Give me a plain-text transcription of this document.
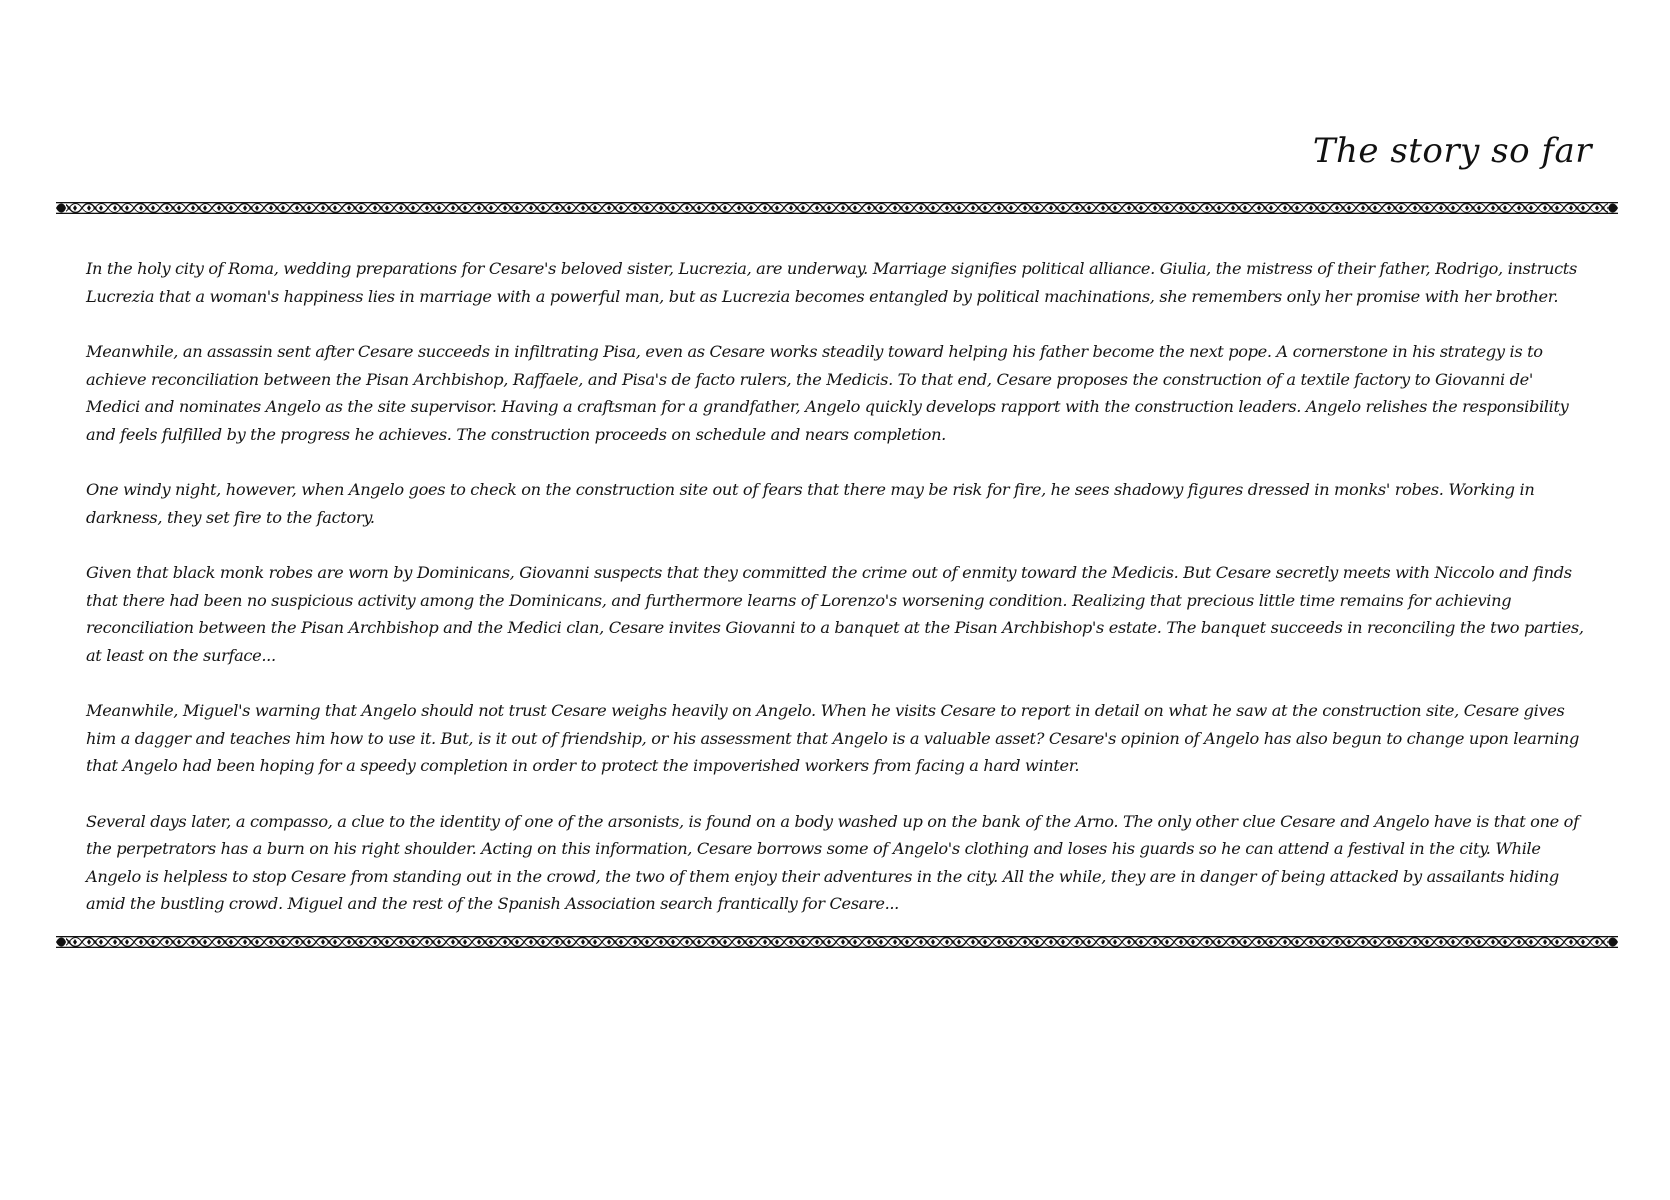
The story so far

In the holy city of Roma, wedding preparations for Cesare's beloved sister, Lucrezia, are underway. Marriage signifies political alliance. Giulia, the mistress of their father, Rodrigo, instructs Lucrezia that a woman's happiness lies in marriage with a powerful man, but as Lucrezia becomes entangled by political machinations, she remembers only her promise with her brother.

Meanwhile, an assassin sent after Cesare succeeds in infiltrating Pisa, even as Cesare works steadily toward helping his father become the next pope. A cornerstone in his strategy is to achieve reconciliation between the Pisan Archbishop, Raffaele, and Pisa's de facto rulers, the Medicis. To that end, Cesare proposes the construction of a textile factory to Giovanni de' Medici and nominates Angelo as the site supervisor. Having a craftsman for a grandfather, Angelo quickly develops rapport with the construction leaders. Angelo relishes the responsibility and feels fulfilled by the progress he achieves. The construction proceeds on schedule and nears completion.

One windy night, however, when Angelo goes to check on the construction site out of fears that there may be risk for fire, he sees shadowy figures dressed in monks' robes. Working in darkness, they set fire to the factory.

Given that black monk robes are worn by Dominicans, Giovanni suspects that they committed the crime out of enmity toward the Medicis. But Cesare secretly meets with Niccolo and finds that there had been no suspicious activity among the Dominicans, and furthermore learns of Lorenzo's worsening condition. Realizing that precious little time remains for achieving reconciliation between the Pisan Archbishop and the Medici clan, Cesare invites Giovanni to a banquet at the Pisan Archbishop's estate. The banquet succeeds in reconciling the two parties, at least on the surface...

Meanwhile, Miguel's warning that Angelo should not trust Cesare weighs heavily on Angelo. When he visits Cesare to report in detail on what he saw at the construction site, Cesare gives him a dagger and teaches him how to use it. But, is it out of friendship, or his assessment that Angelo is a valuable asset? Cesare's opinion of Angelo has also begun to change upon learning that Angelo had been hoping for a speedy completion in order to protect the impoverished workers from facing a hard winter.

Several days later, a compasso, a clue to the identity of one of the arsonists, is found on a body washed up on the bank of the Arno. The only other clue Cesare and Angelo have is that one of the perpetrators has a burn on his right shoulder. Acting on this information, Cesare borrows some of Angelo's clothing and loses his guards so he can attend a festival in the city. While Angelo is helpless to stop Cesare from standing out in the crowd, the two of them enjoy their adventures in the city. All the while, they are in danger of being attacked by assailants hiding amid the bustling crowd. Miguel and the rest of the Spanish Association search frantically for Cesare...
